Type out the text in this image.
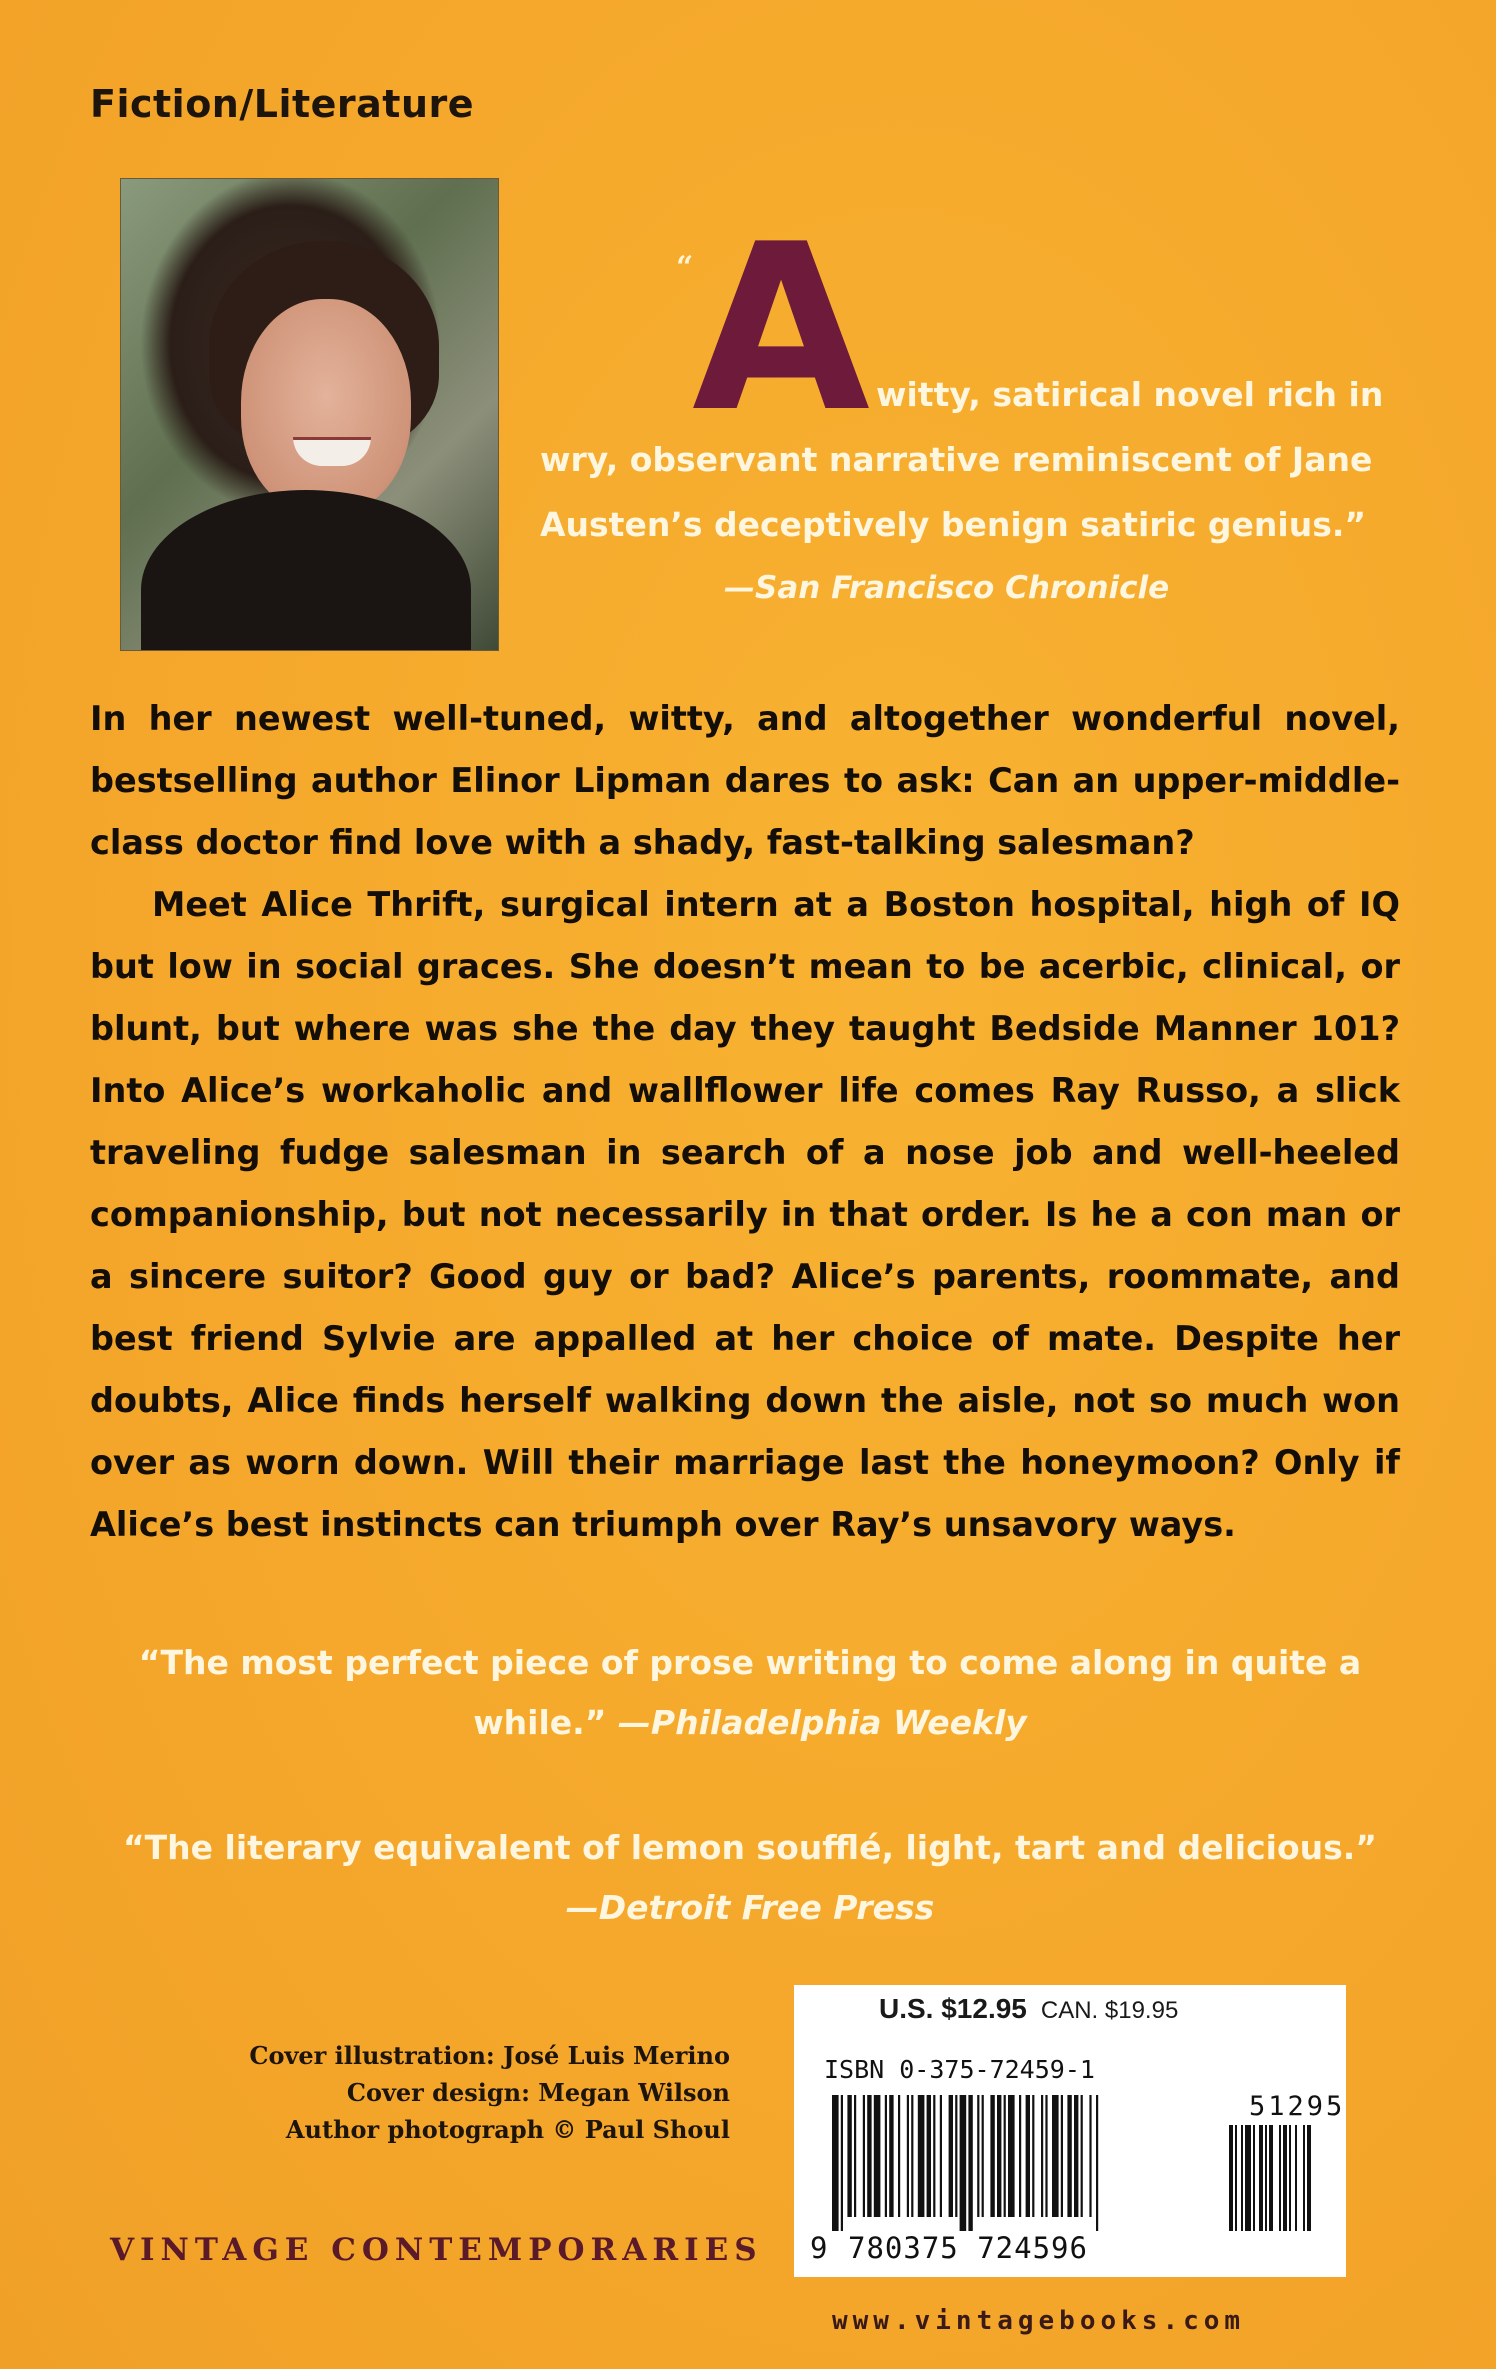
Fiction/Literature
“
A witty, satirical novel rich in
wry, observant narrative reminiscent of Jane
Austen’s deceptively benign satiric genius.”
—San Francisco Chronicle

In her newest well-tuned, witty, and altogether wonderful novel, bestselling author Elinor Lipman dares to ask: Can an upper-middle-class doctor find love with a shady, fast-talking salesman?

Meet Alice Thrift, surgical intern at a Boston hospital, high of IQ but low in social graces. She doesn’t mean to be acerbic, clinical, or blunt, but where was she the day they taught Bedside Manner 101? Into Alice’s workaholic and wallflower life comes Ray Russo, a slick traveling fudge salesman in search of a nose job and well-heeled companionship, but not necessarily in that order. Is he a con man or a sincere suitor? Good guy or bad? Alice’s parents, roommate, and best friend Sylvie are appalled at her choice of mate. Despite her doubts, Alice finds herself walking down the aisle, not so much won over as worn down. Will their marriage last the honeymoon? Only if Alice’s best instincts can triumph over Ray’s unsavory ways.

“The most perfect piece of prose writing to come along in quite a while.” —Philadelphia Weekly
“The literary equivalent of lemon soufflé, light, tart and delicious.”
—Detroit Free Press
Cover illustration: José Luis Merino
Cover design: Megan Wilson
Author photograph © Paul Shoul
VINTAGE CONTEMPORARIES
U.S. $12.95 CAN. $19.95
ISBN 0-375-72459-1
51295
9 780375 724596
www.vintagebooks.com
